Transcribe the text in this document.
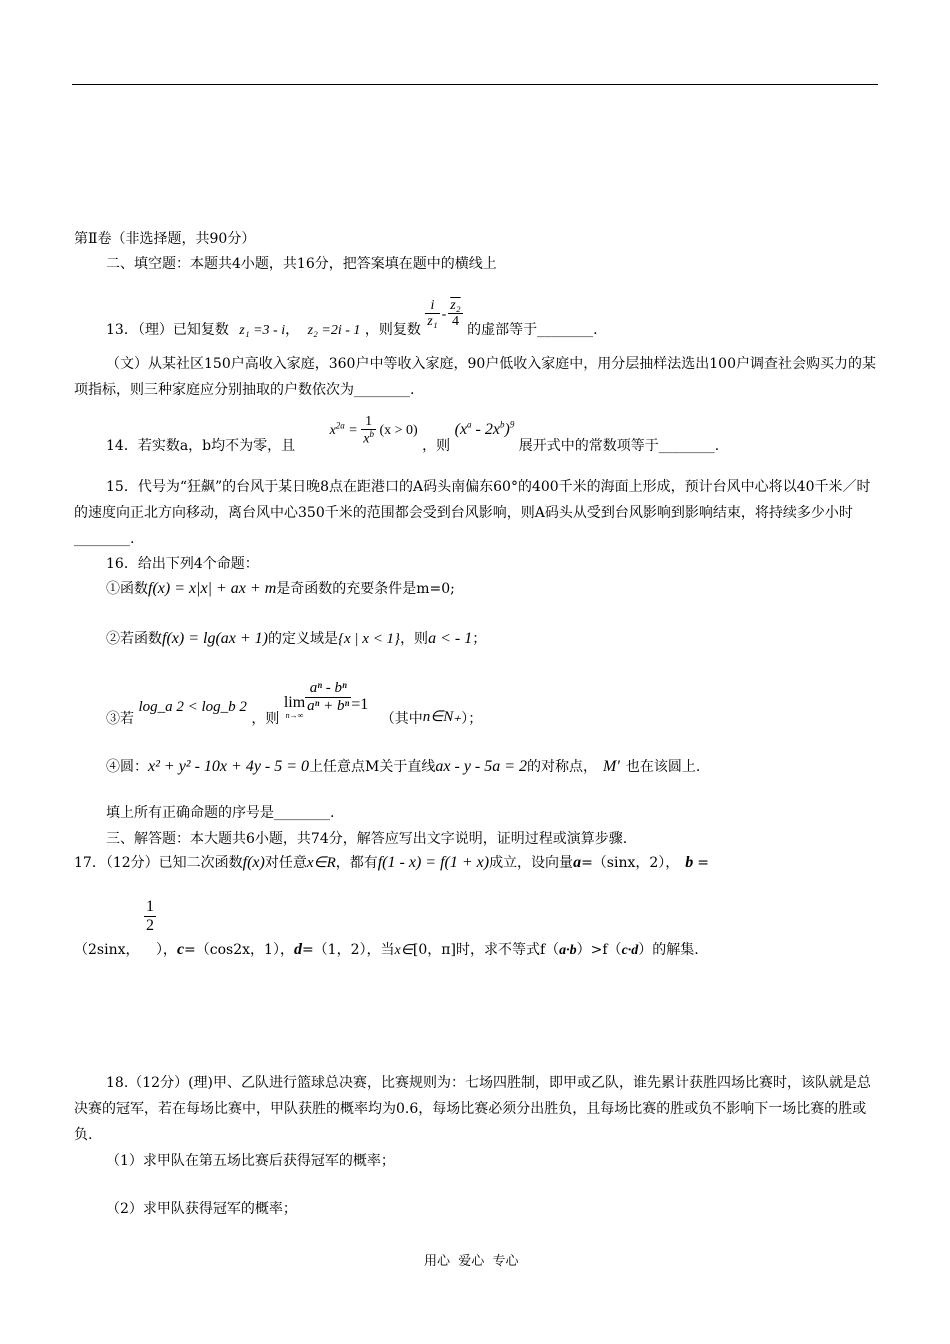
第Ⅱ卷（非选择题，共90分）
二、填空题：本题共4小题，共16分，把答案填在题中的横线上
13．（理）已知复数 z₁ =3 - i， z₂ =2i - 1 ，则复数
$\frac{i}{\text{z₁}} - \frac{\text{z₂}}{4}$
的虚部等于________.
（文）从某社区150户高收入家庭，360户中等收入家庭，90户低收入家庭中，用分层抽样法选出100户调查社会购买力的某项指标，则三种家庭应分别抽取的户数依次为________.
14．若实数a，b均不为零，且 $x^{2a} = \frac{1}{x^b} (x > 0)$ ，则 $(x^a - 2x^b)^9$ 展开式中的常数项等于________.
15．代号为“狂飙”的台风于某日晚8点在距港口的A码头南偏东60°的400千米的海面上形成，预计台风中心将以40千米／时的速度向正北方向移动，离台风中心350千米的范围都会受到台风影响，则A码头从受到台风影响到影响结束，将持续多少小时________.
16．给出下列4个命题：
①函数f(x) = x|x| + ax + m是奇函数的充要条件是m=0;
②若函数f(x) = lg(ax + 1)的定义域是{x | x < 1}，则a < - 1；
③若 log_a 2 < log_b 2 ，则
lim
n→∞
$\frac{\text{aⁿ - bⁿ}}{\text{aⁿ + bⁿ}} =1$ （其中n∈N₊）；
④圆：x² + y² - 10x + 4y - 5 = 0上任意点M关于直线ax - y - 5a = 2的对称点， M′ 也在该圆上.
填上所有正确命题的序号是________.
三、解答题：本大题共6小题，共74分，解答应写出文字说明，证明过程或演算步骤.
17．（12分）已知二次函数f(x)对任意x∈R，都有f(1 - x) = f(1 + x)成立，设向量a=（sinx，2）， b =
（2sinx，
$\frac{1}{2}$
），c=（cos2x，1），d=（1，2），当x∈[0，π]时，求不等式f（a·b）>f（c·d）的解集.
18.（12分）(理)甲、乙队进行篮球总决赛，比赛规则为：七场四胜制，即甲或乙队，谁先累计获胜四场比赛时，该队就是总决赛的冠军，若在每场比赛中，甲队获胜的概率均为0.6，每场比赛必须分出胜负，且每场比赛的胜或负不影响下一场比赛的胜或负.
（1）求甲队在第五场比赛后获得冠军的概率；
（2）求甲队获得冠军的概率；
用心  爱心  专心
